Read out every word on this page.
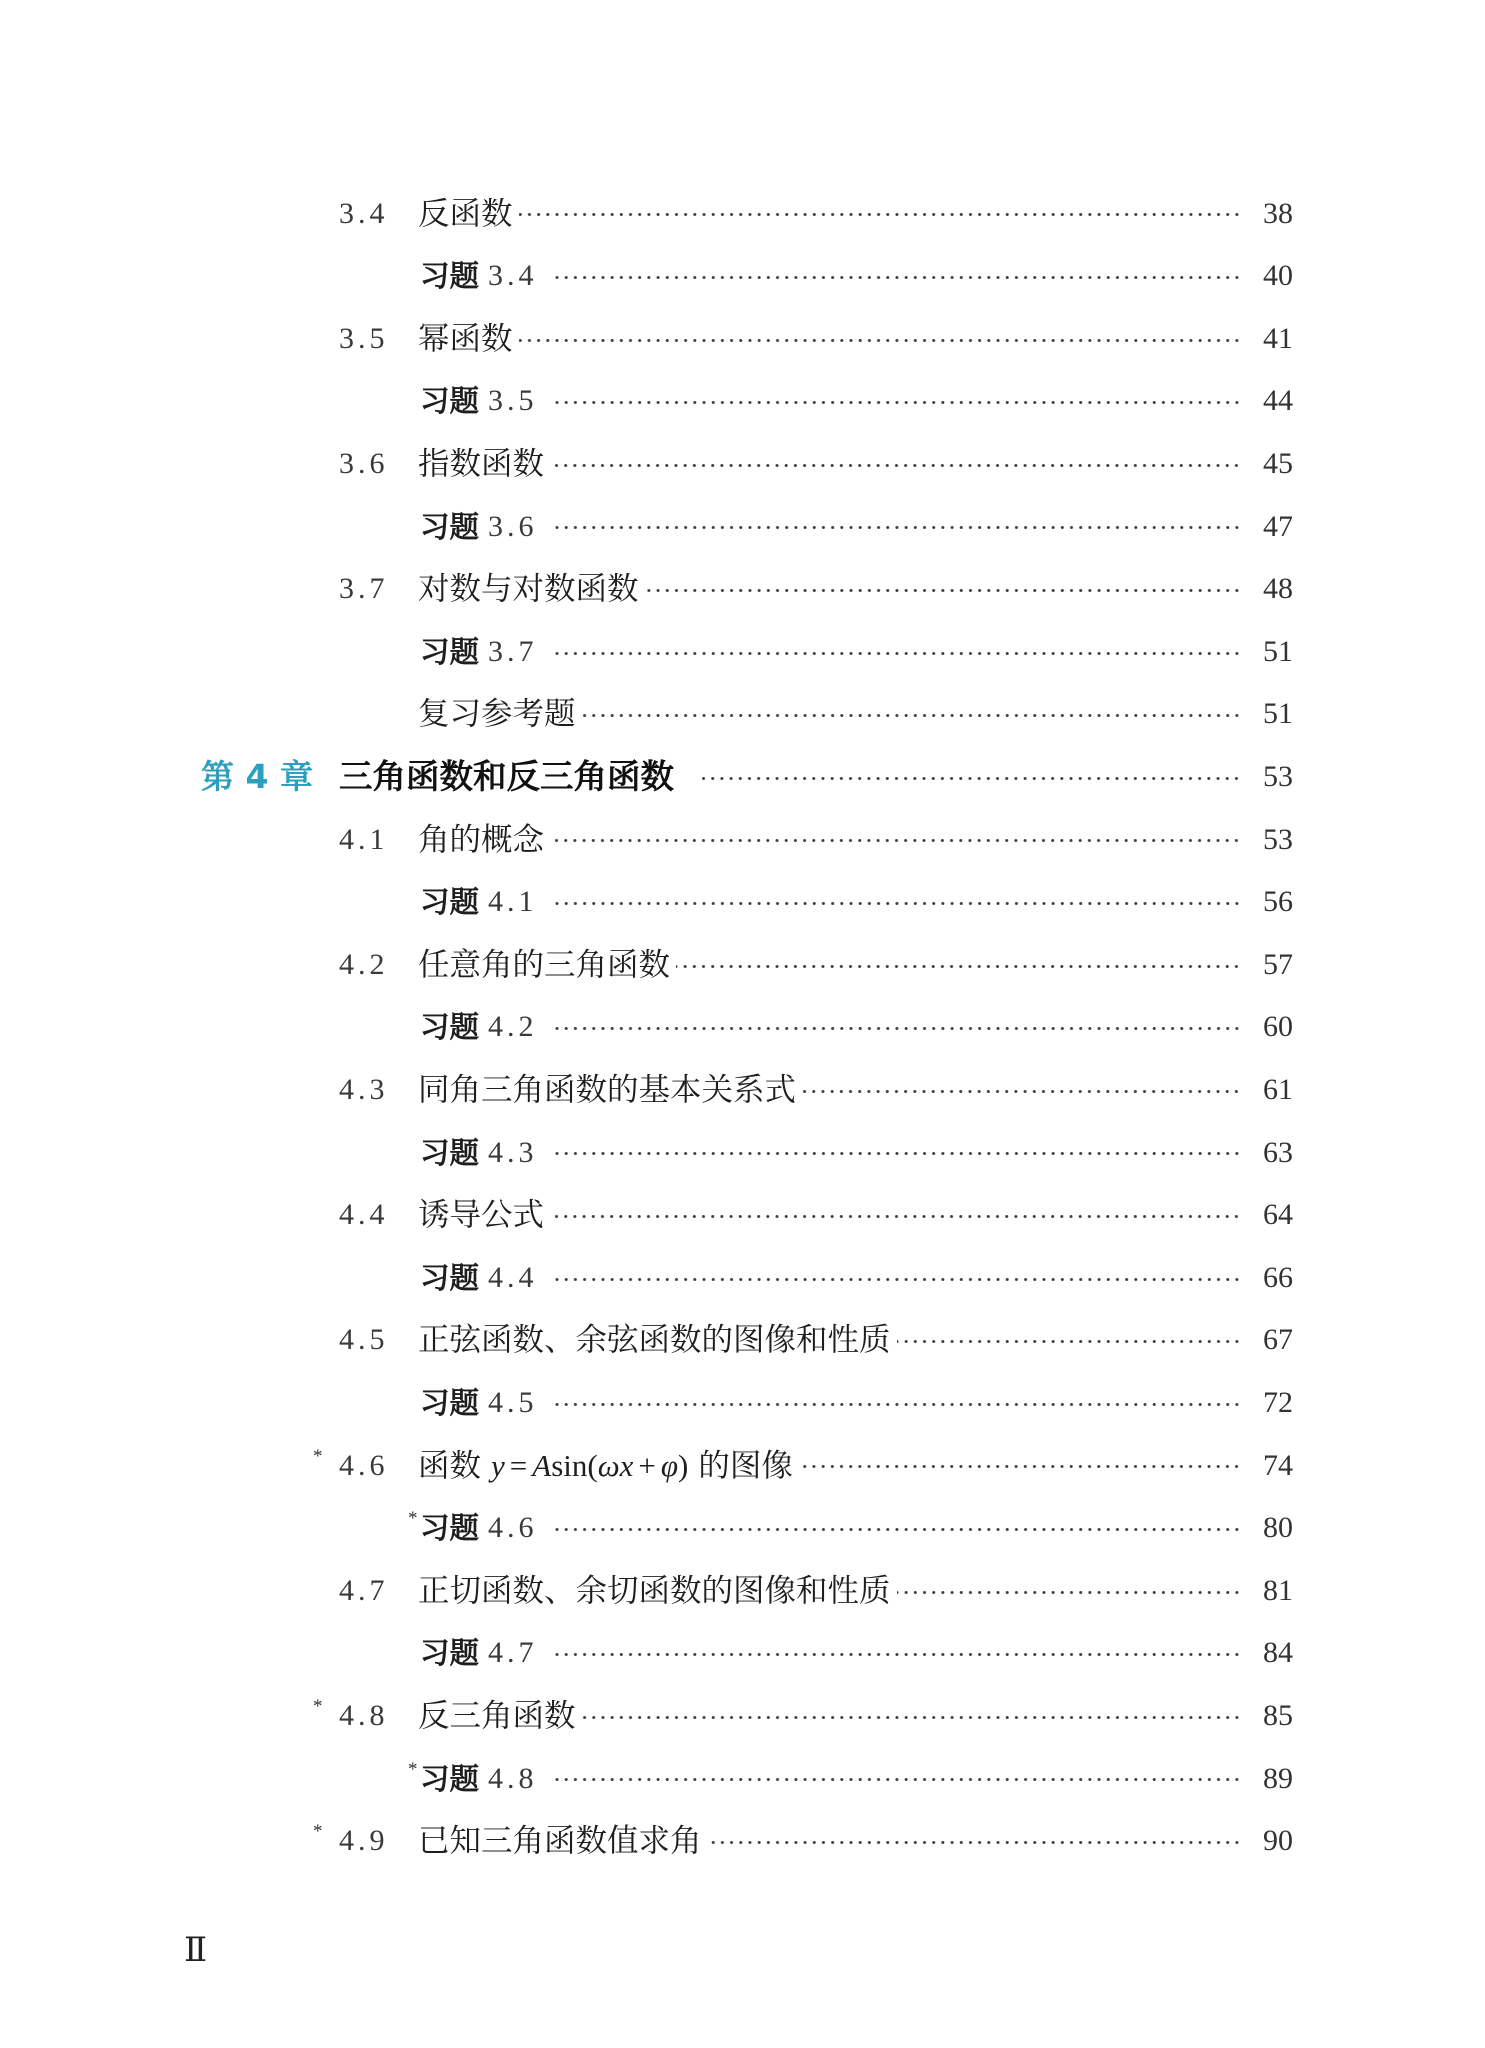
3.4 反函数	38
习题 3.4	40
3.5 幂函数	41
习题 3.5	44
3.6 指数函数	45
习题 3.6	47
3.7 对数与对数函数	48
习题 3.7	51
复习参考题	51
第 4 章 三角函数和反三角函数	53
4.1 角的概念	53
习题 4.1	56
4.2 任意角的三角函数	57
习题 4.2	60
4.3 同角三角函数的基本关系式	61
习题 4.3	63
4.4 诱导公式	64
习题 4.4	66
4.5 正弦函数、余弦函数的图像和性质	67
习题 4.5	72
* 4.6 函数 y = Asin(ωx + φ) 的图像	74
* 习题 4.6	80
4.7 正切函数、余切函数的图像和性质	81
习题 4.7	84
* 4.8 反三角函数	85
* 习题 4.8	89
* 4.9 已知三角函数值求角	90
Ⅱ
